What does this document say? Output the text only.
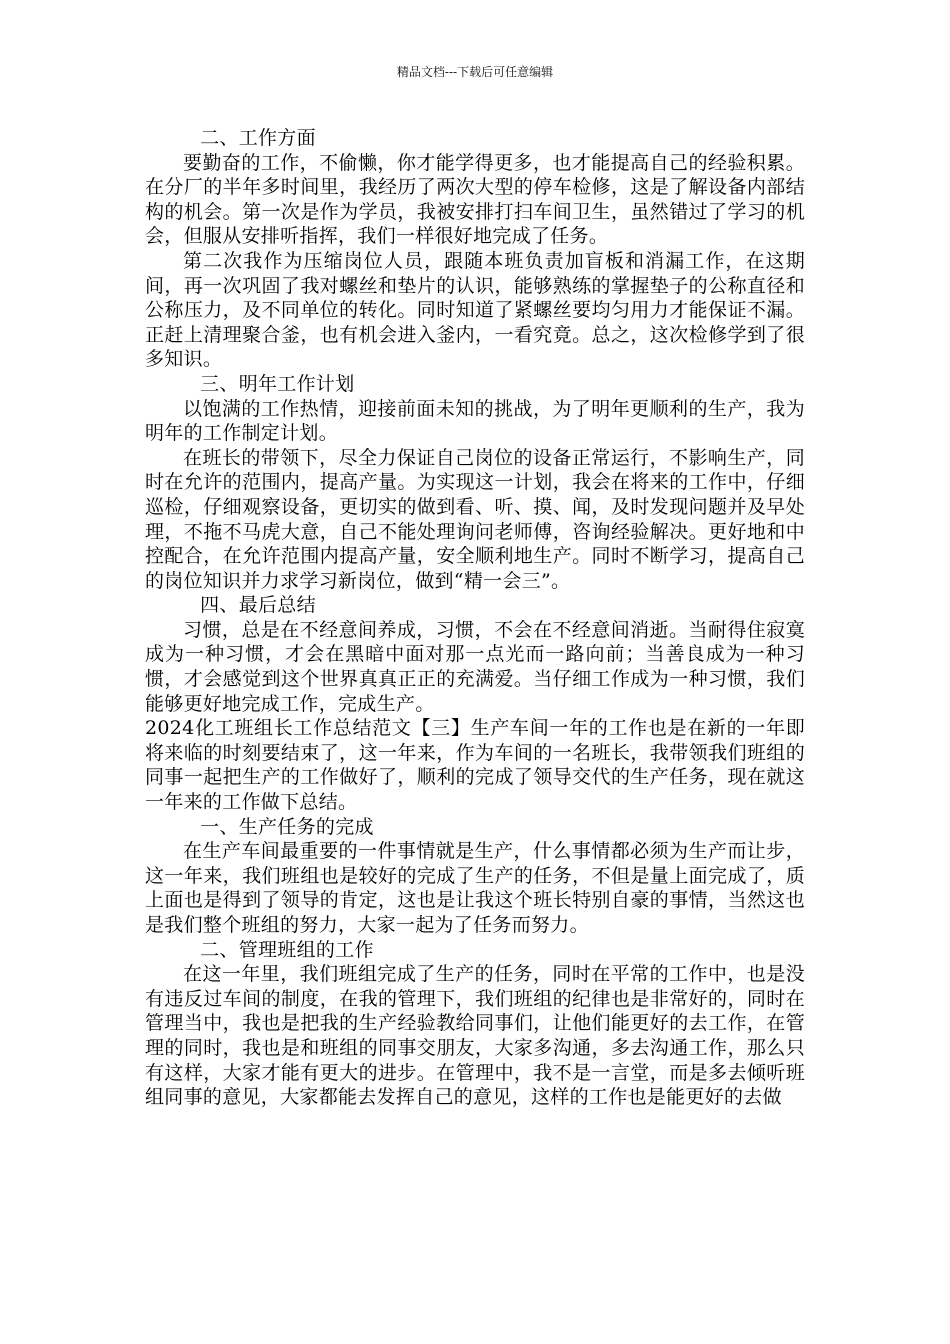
精品文档---下载后可任意编辑

二、工作方面

要勤奋的工作，不偷懒，你才能学得更多，也才能提高自己的经验积累。在分厂的半年多时间里，我经历了两次大型的停车检修，这是了解设备内部结构的机会。第一次是作为学员，我被安排打扫车间卫生，虽然错过了学习的机会，但服从安排听指挥，我们一样很好地完成了任务。

第二次我作为压缩岗位人员，跟随本班负责加盲板和消漏工作，在这期间，再一次巩固了我对螺丝和垫片的认识，能够熟练的掌握垫子的公称直径和公称压力，及不同单位的转化。同时知道了紧螺丝要均匀用力才能保证不漏。正赶上清理聚合釜，也有机会进入釜内，一看究竟。总之，这次检修学到了很多知识。

三、明年工作计划

以饱满的工作热情，迎接前面未知的挑战，为了明年更顺利的生产，我为明年的工作制定计划。

在班长的带领下，尽全力保证自己岗位的设备正常运行，不影响生产，同时在允许的范围内，提高产量。为实现这一计划，我会在将来的工作中，仔细巡检，仔细观察设备，更切实的做到看、听、摸、闻，及时发现问题并及早处理，不拖不马虎大意，自己不能处理询问老师傅，咨询经验解决。更好地和中控配合，在允许范围内提高产量，安全顺利地生产。同时不断学习，提高自己的岗位知识并力求学习新岗位，做到“精一会三”。

四、最后总结

习惯，总是在不经意间养成，习惯，不会在不经意间消逝。当耐得住寂寞成为一种习惯，才会在黑暗中面对那一点光而一路向前；当善良成为一种习惯，才会感觉到这个世界真真正正的充满爱。当仔细工作成为一种习惯，我们能够更好地完成工作，完成生产。

2024化工班组长工作总结范文【三】生产车间一年的工作也是在新的一年即将来临的时刻要结束了，这一年来，作为车间的一名班长，我带领我们班组的同事一起把生产的工作做好了，顺利的完成了领导交代的生产任务，现在就这一年来的工作做下总结。

一、生产任务的完成

在生产车间最重要的一件事情就是生产，什么事情都必须为生产而让步，这一年来，我们班组也是较好的完成了生产的任务，不但是量上面完成了，质上面也是得到了领导的肯定，这也是让我这个班长特别自豪的事情，当然这也是我们整个班组的努力，大家一起为了任务而努力。

二、管理班组的工作

在这一年里，我们班组完成了生产的任务，同时在平常的工作中，也是没有违反过车间的制度，在我的管理下，我们班组的纪律也是非常好的，同时在管理当中，我也是把我的生产经验教给同事们，让他们能更好的去工作，在管理的同时，我也是和班组的同事交朋友，大家多沟通，多去沟通工作，那么只有这样，大家才能有更大的进步。在管理中，我不是一言堂，而是多去倾听班组同事的意见，大家都能去发挥自己的意见，这样的工作也是能更好的去做
